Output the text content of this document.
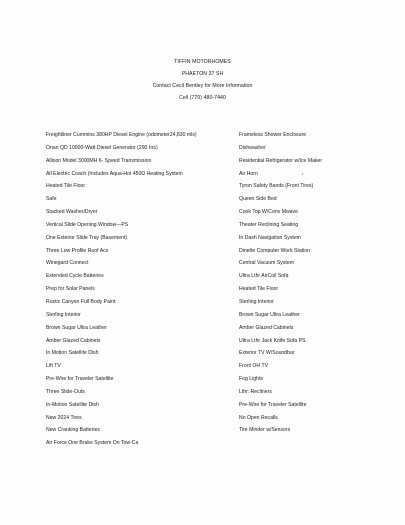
TIFFIN MOTORHOMES
PHAETON 37 SH
Contact Cecil Bentley for More Information
Cell (770) 480-7440
Freightliner Cummins 380HP Diesel Engine (odometer24,830 mls)
Onan QD 10000-Watt Diesel Generator (290 hrs)
Allison Model 3000MH 6- Speed Transmission
All Electric Coach (Includes Aqua-Hot 450D Heating System
Heated Tile Floor
Safe
Stacked Washer/Dryer
Vertical Slide Opening Window—PS
One Exterior Slide Tray (Basement)
Three Low Profile Roof Acs
Winegard Connect
Extended Cycle Batteries
Prep for Solar Panels
Rustic Canyon Full Body Paint
Sterling Interior
Brown Sugar Ultra Leather
Amber Glazed Cabinets
In Motion Satellite Dish
Lift TV
Pre-Wire for Traveler Satellite
Three Slide-Outs
In-Motion Satellite Dish
New 2024 Tires
New Cranking Batteries
Air Force One Brake System On Tow-Ca
Frameless Shower Enclosure
Dishwasher
Residential Refrigerator w/Ice Maker
Air Horn
Tyron Safety Bands (Front Tires)
Queen Side Bed
Cook Top W/Conv Mwave
Theater Reclining Seating
In Dash Navigation System
Dinette Computer Work Station
Central Vacuum System
Ultra Lthr AirCoil Sofa
Heated Tile Floor
Sterling Interior
Brown Sugar Ultra Leather
Amber Glazed Cabinets
Ultra Lthr Jack Knife Sofa PS
Exterior TV W/Soundbar
Front OH TV
Fog Lights
Lthr. Recliners
Pre-Wire for Traveler Satellite
No Open Recalls
Tire Minder w/Sensors
•
